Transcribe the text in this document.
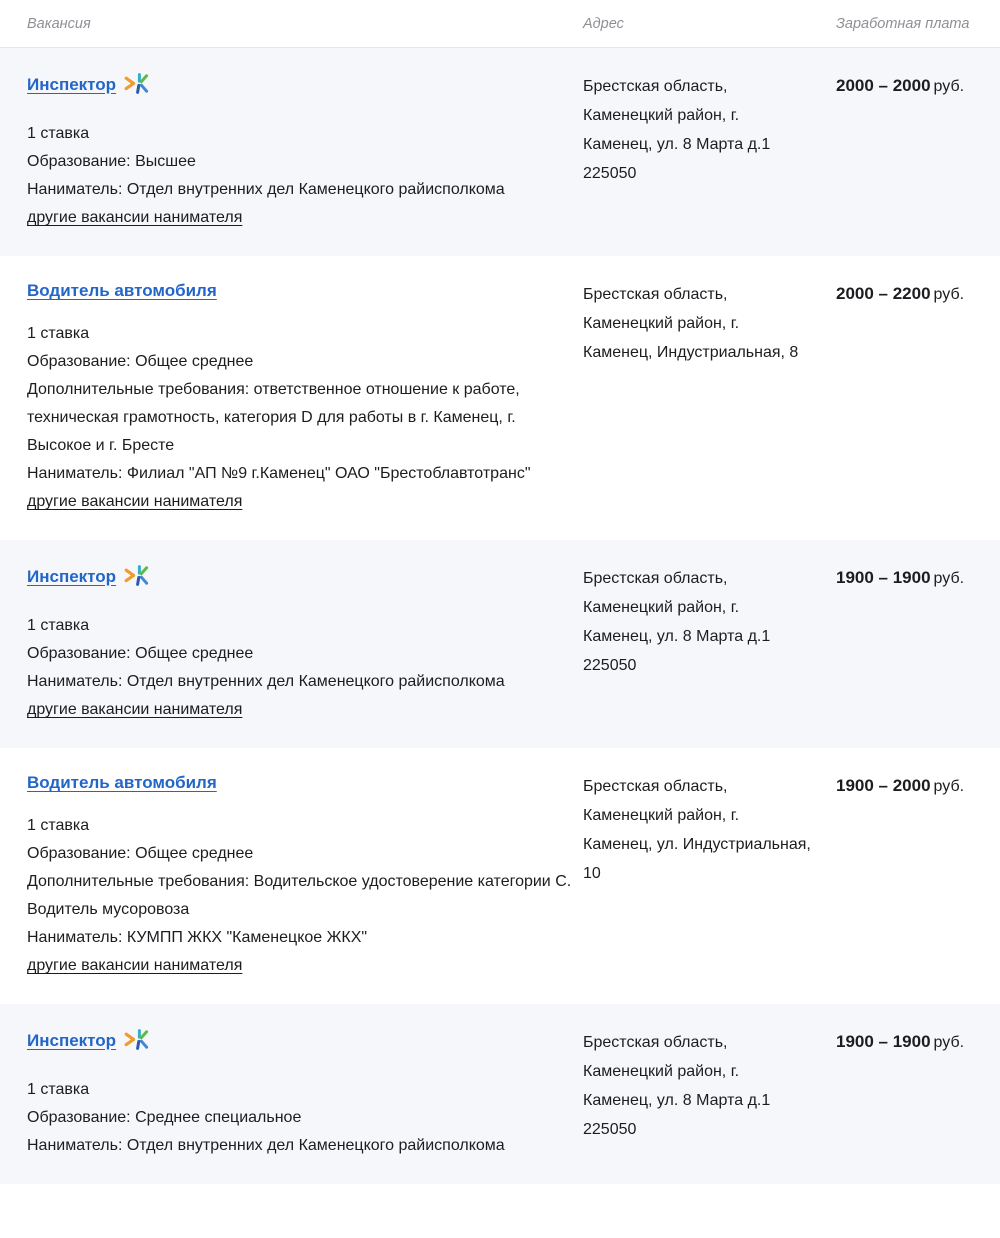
Вакансия	Адрес	Заработная плата
Инспектор
1 ставка
Образование: Высшее
Наниматель: Отдел внутренних дел Каменецкого райисполкома
другие вакансии нанимателя
Брестская область, Каменецкий район, г. Каменец, ул. 8 Марта д.1 225050
2000 – 2000 руб.
Водитель автомобиля
1 ставка
Образование: Общее среднее
Дополнительные требования: ответственное отношение к работе, техническая грамотность, категория D для работы в г. Каменец, г. Высокое и г. Бресте
Наниматель: Филиал "АП №9 г.Каменец" ОАО "Брестоблавтотранс"
другие вакансии нанимателя
Брестская область, Каменецкий район, г. Каменец, Индустриальная, 8
2000 – 2200 руб.
Инспектор
1 ставка
Образование: Общее среднее
Наниматель: Отдел внутренних дел Каменецкого райисполкома
другие вакансии нанимателя
Брестская область, Каменецкий район, г. Каменец, ул. 8 Марта д.1 225050
1900 – 1900 руб.
Водитель автомобиля
1 ставка
Образование: Общее среднее
Дополнительные требования: Водительское удостоверение категории C. Водитель мусоровоза
Наниматель: КУМПП ЖКХ "Каменецкое ЖКХ"
другие вакансии нанимателя
Брестская область, Каменецкий район, г. Каменец, ул. Индустриальная, 10
1900 – 2000 руб.
Инспектор
1 ставка
Образование: Среднее специальное
Наниматель: Отдел внутренних дел Каменецкого райисполкома
Брестская область, Каменецкий район, г. Каменец, ул. 8 Марта д.1 225050
1900 – 1900 руб.
